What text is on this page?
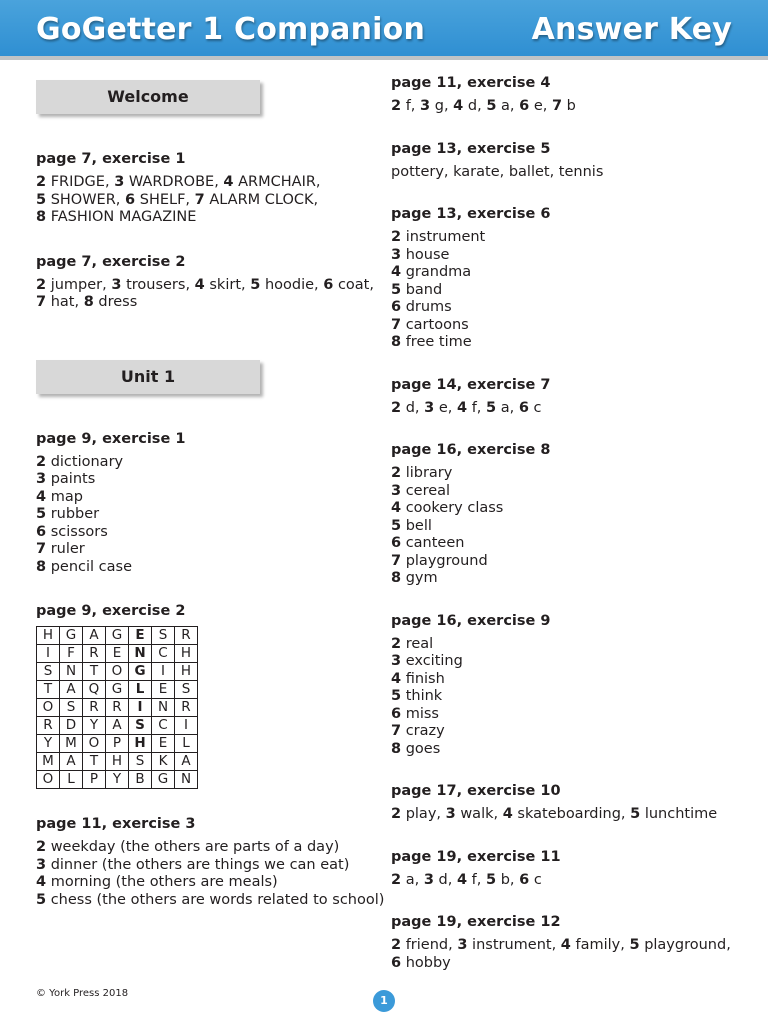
GoGetter 1 Companion	Answer Key
Welcome
page 7, exercise 1
2 FRIDGE, 3 WARDROBE, 4 ARMCHAIR,
5 SHOWER, 6 SHELF, 7 ALARM CLOCK,
8 FASHION MAGAZINE
page 7, exercise 2
2 jumper, 3 trousers, 4 skirt, 5 hoodie, 6 coat,
7 hat, 8 dress
Unit 1
page 9, exercise 1
2 dictionary
3 paints
4 map
5 rubber
6 scissors
7 ruler
8 pencil case
page 9, exercise 2
H	G	A	G	E	S	R
I	F	R	E	N	C	H
S	N	T	O	G	I	H
T	A	Q	G	L	E	S
O	S	R	R	I	N	R
R	D	Y	A	S	C	I
Y	M	O	P	H	E	L
M	A	T	H	S	K	A
O	L	P	Y	B	G	N
page 11, exercise 3
2 weekday (the others are parts of a day)
3 dinner (the others are things we can eat)
4 morning (the others are meals)
5 chess (the others are words related to school)
page 11, exercise 4
2 f, 3 g, 4 d, 5 a, 6 e, 7 b
page 13, exercise 5
pottery, karate, ballet, tennis
page 13, exercise 6
2 instrument
3 house
4 grandma
5 band
6 drums
7 cartoons
8 free time
page 14, exercise 7
2 d, 3 e, 4 f, 5 a, 6 c
page 16, exercise 8
2 library
3 cereal
4 cookery class
5 bell
6 canteen
7 playground
8 gym
page 16, exercise 9
2 real
3 exciting
4 finish
5 think
6 miss
7 crazy
8 goes
page 17, exercise 10
2 play, 3 walk, 4 skateboarding, 5 lunchtime
page 19, exercise 11
2 a, 3 d, 4 f, 5 b, 6 c
page 19, exercise 12
2 friend, 3 instrument, 4 family, 5 playground,
6 hobby
© York Press 2018
1
